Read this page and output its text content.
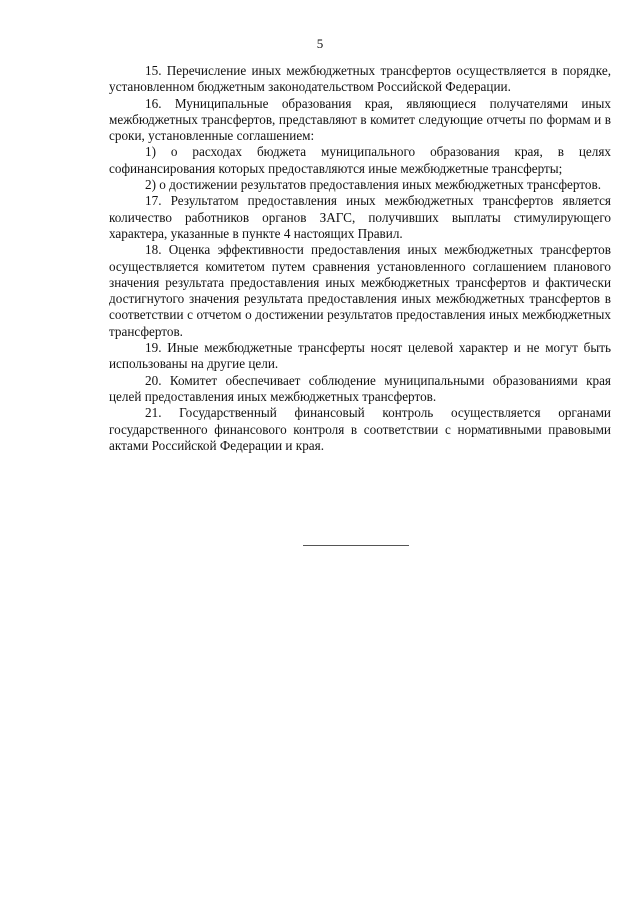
5

15. Перечисление иных межбюджетных трансфертов осуществляется в порядке, установленном бюджетным законодательством Российской Федерации.

16. Муниципальные образования края, являющиеся получателями иных межбюджетных трансфертов, представляют в комитет следующие отчеты по формам и в сроки, установленные соглашением:

1) о расходах бюджета муниципального образования края, в целях софинансирования которых предоставляются иные межбюджетные трансферты;

2) о достижении результатов предоставления иных межбюджетных трансфертов.

17. Результатом предоставления иных межбюджетных трансфертов является количество работников органов ЗАГС, получивших выплаты стимулирующего характера, указанные в пункте 4 настоящих Правил.

18. Оценка эффективности предоставления иных межбюджетных трансфертов осуществляется комитетом путем сравнения установленного соглашением планового значения результата предоставления иных межбюджетных трансфертов и фактически достигнутого значения результата предоставления иных межбюджетных трансфертов в соответствии с отчетом о достижении результатов предоставления иных межбюджетных трансфертов.

19. Иные межбюджетные трансферты носят целевой характер и не могут быть использованы на другие цели.

20. Комитет обеспечивает соблюдение муниципальными образованиями края целей предоставления иных межбюджетных трансфертов.

21. Государственный финансовый контроль осуществляется органами государственного финансового контроля в соответствии с нормативными правовыми актами Российской Федерации и края.
